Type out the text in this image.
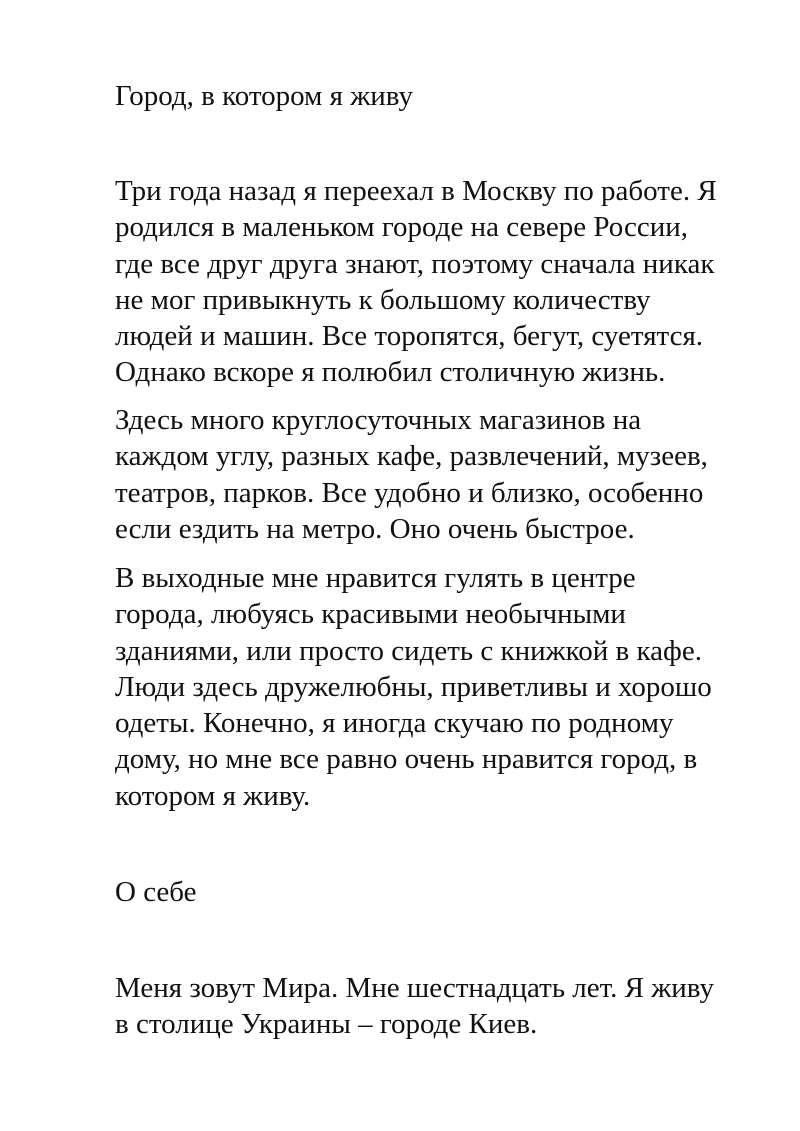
Город, в котором я живу
Три года назад я переехал в Москву по работе. Я
родился в маленьком городе на севере России,
где все друг друга знают, поэтому сначала никак
не мог привыкнуть к большому количеству
людей и машин. Все торопятся, бегут, суетятся.
Однако вскоре я полюбил столичную жизнь.
Здесь много круглосуточных магазинов на
каждом углу, разных кафе, развлечений, музеев,
театров, парков. Все удобно и близко, особенно
если ездить на метро. Оно очень быстрое.
В выходные мне нравится гулять в центре
города, любуясь красивыми необычными
зданиями, или просто сидеть с книжкой в кафе.
Люди здесь дружелюбны, приветливы и хорошо
одеты. Конечно, я иногда скучаю по родному
дому, но мне все равно очень нравится город, в
котором я живу.
О себе
Меня зовут Мира. Мне шестнадцать лет. Я живу
в столице Украины – городе Киев.
